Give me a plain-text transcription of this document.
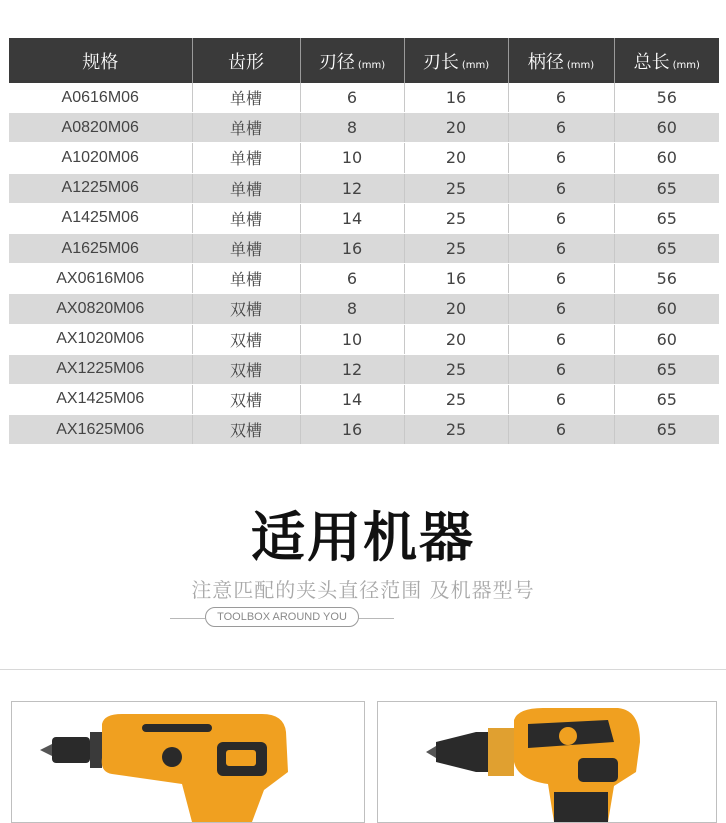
规格	齿形	刃径 (mm)	刃长 (mm)	柄径 (mm)	总长 (mm)
A0616M06	单槽	6	16	6	56
A0820M06	单槽	8	20	6	60
A1020M06	单槽	10	20	6	60
A1225M06	单槽	12	25	6	65
A1425M06	单槽	14	25	6	65
A1625M06	单槽	16	25	6	65
AX0616M06	单槽	6	16	6	56
AX0820M06	双槽	8	20	6	60
AX1020M06	双槽	10	20	6	60
AX1225M06	双槽	12	25	6	65
AX1425M06	双槽	14	25	6	65
AX1625M06	双槽	16	25	6	65
适用机器
注意匹配的夹头直径范围 及机器型号
TOOLBOX AROUND YOU
